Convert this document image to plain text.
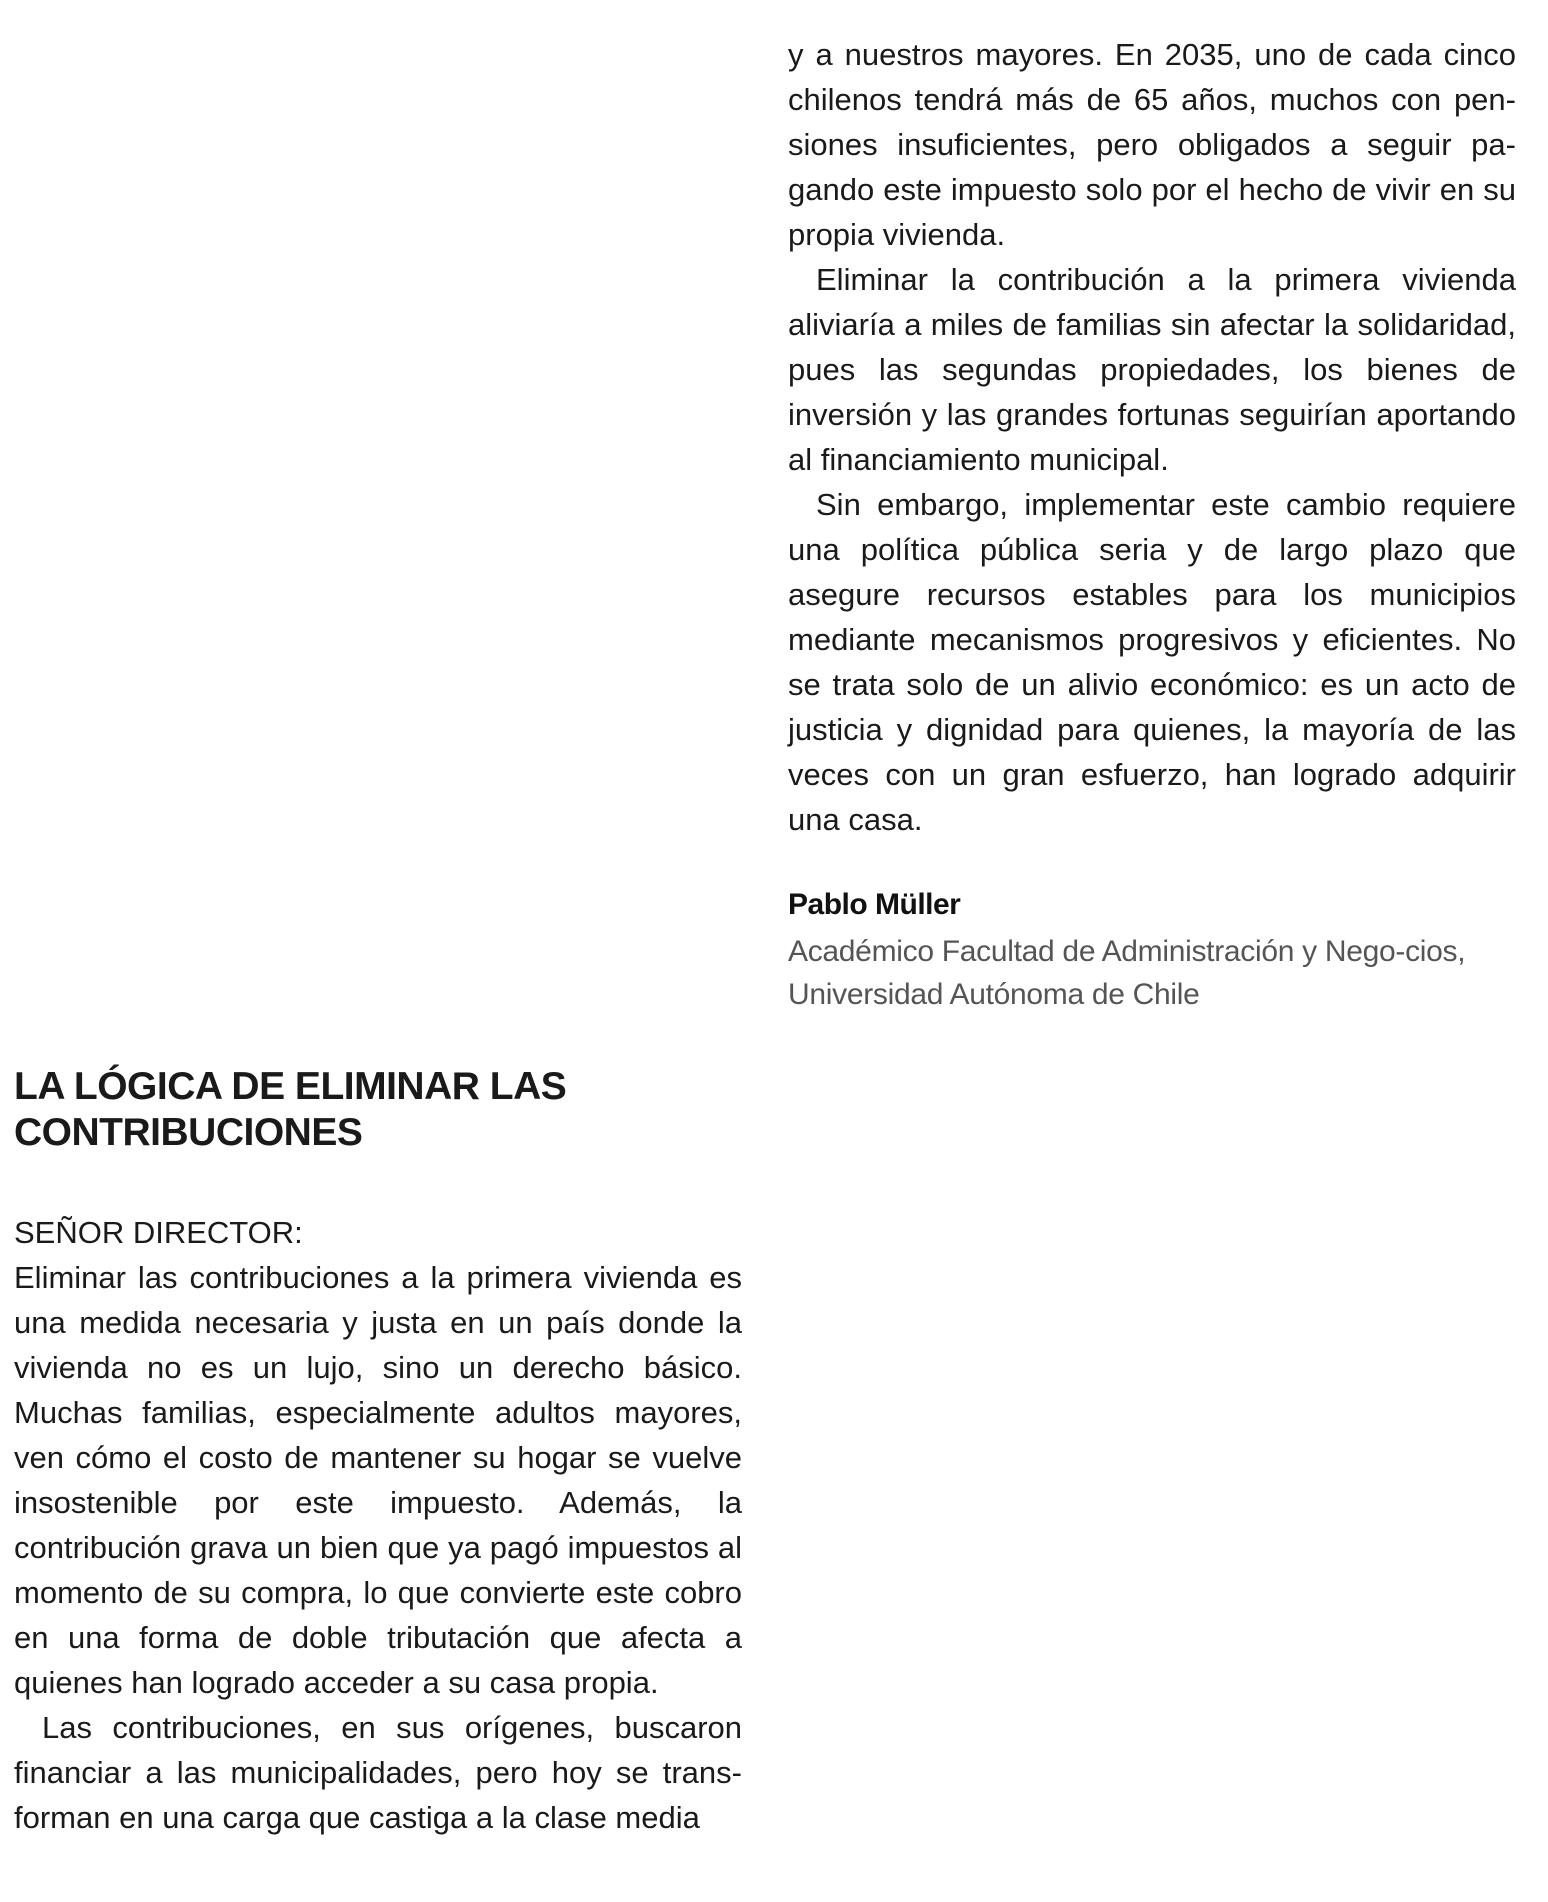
y a nuestros mayores. En 2035, uno de cada cinco chilenos tendrá más de 65 años, muchos con pensiones insuficientes, pero obligados a seguir pagando este impuesto solo por el hecho de vivir en su propia vivienda.

Eliminar la contribución a la primera vivienda aliviaría a miles de familias sin afectar la solidaridad, pues las segundas propiedades, los bienes de inversión y las grandes fortunas seguirían aportando al financiamiento municipal.

Sin embargo, implementar este cambio requiere una política pública seria y de largo plazo que asegure recursos estables para los municipios mediante mecanismos progresivos y eficientes. No se trata solo de un alivio económico: es un acto de justicia y dignidad para quienes, la mayoría de las veces con un gran esfuerzo, han logrado adquirir una casa.

Pablo Müller

Académico Facultad de Administración y Nego-cios, Universidad Autónoma de Chile

LA LÓGICA DE ELIMINAR LAS CONTRIBUCIONES

SEÑOR DIRECTOR:

Eliminar las contribuciones a la primera vivienda es una medida necesaria y justa en un país donde la vivienda no es un lujo, sino un derecho básico. Muchas familias, especialmente adultos mayores, ven cómo el costo de mantener su hogar se vuelve insostenible por este impuesto. Además, la contribución grava un bien que ya pagó impuestos al momento de su compra, lo que convierte este cobro en una forma de doble tributación que afecta a quienes han logrado acceder a su casa propia.

Las contribuciones, en sus orígenes, buscaron financiar a las municipalidades, pero hoy se transforman en una carga que castiga a la clase media
